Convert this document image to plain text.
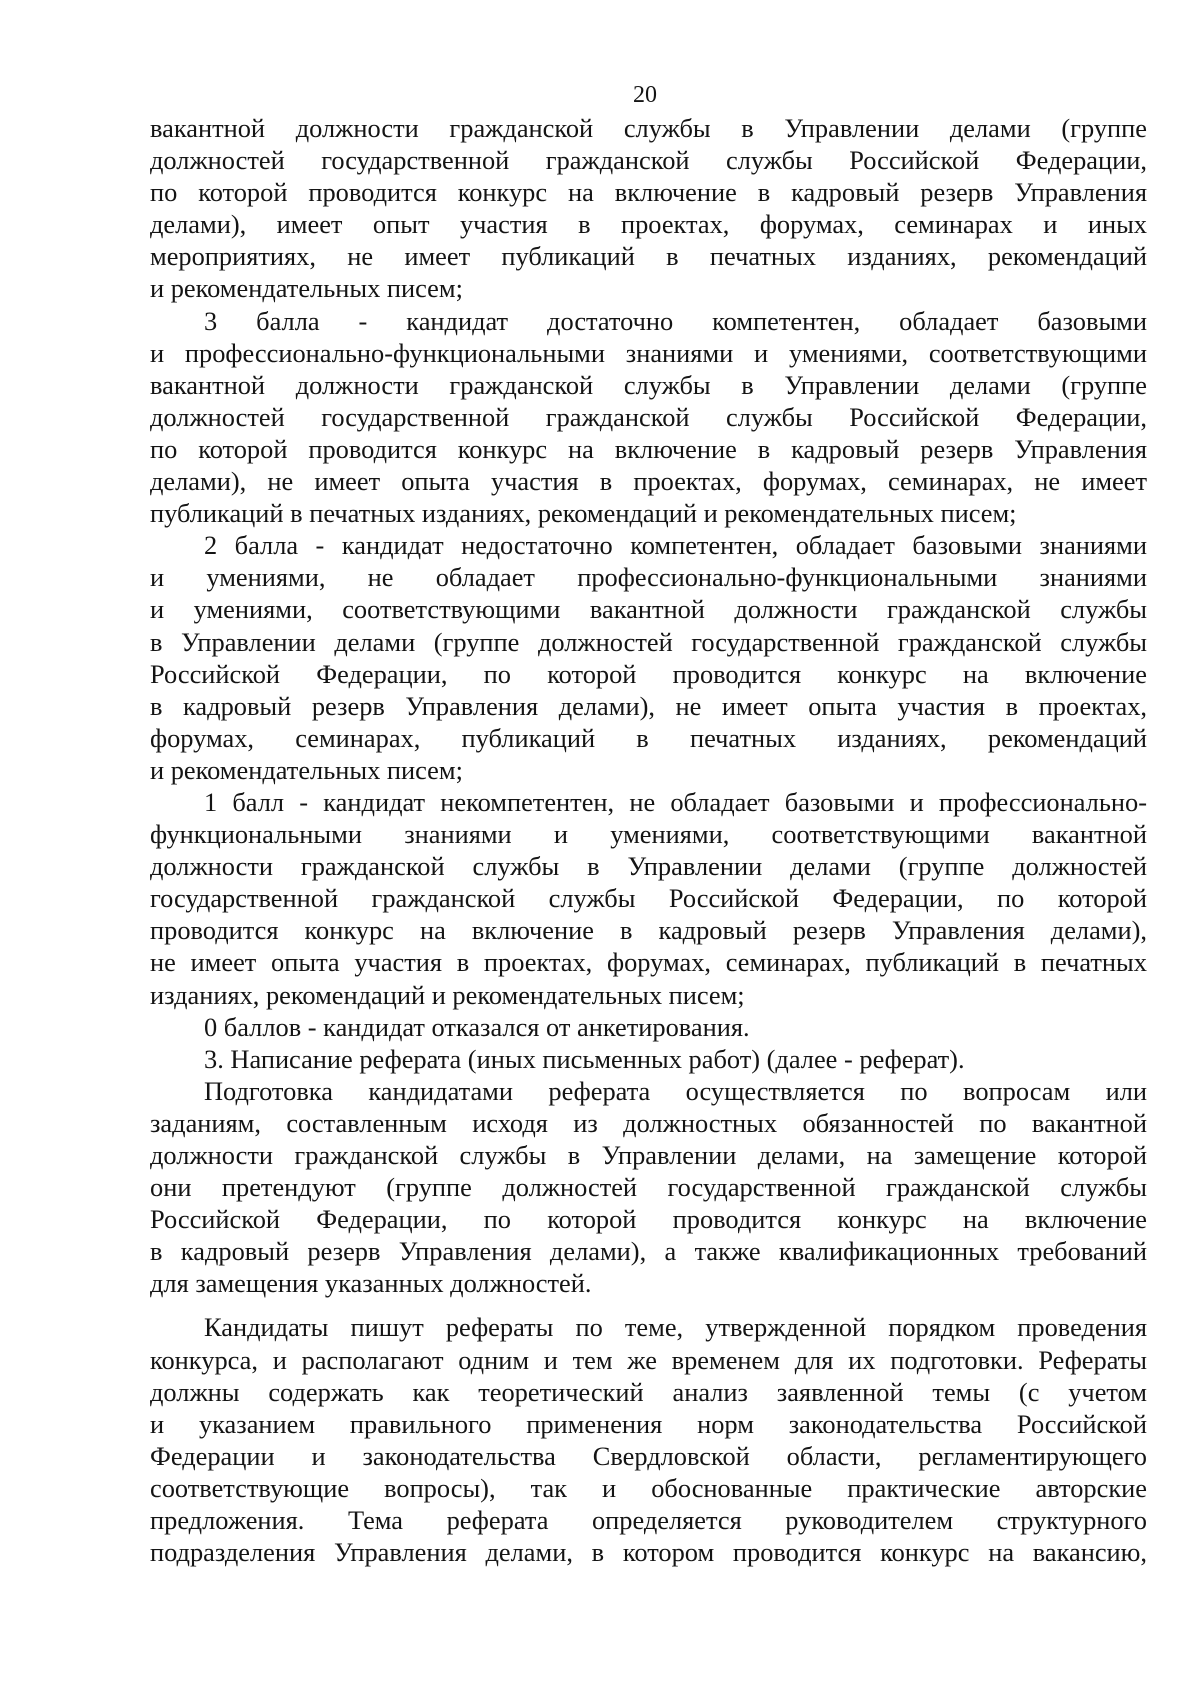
20
вакантной должности гражданской службы в Управлении делами (группе
должностей государственной гражданской службы Российской Федерации,
по которой проводится конкурс на включение в кадровый резерв Управления
делами), имеет опыт участия в проектах, форумах, семинарах и иных
мероприятиях, не имеет публикаций в печатных изданиях, рекомендаций
и рекомендательных писем;
3 балла - кандидат достаточно компетентен, обладает базовыми
и профессионально-функциональными знаниями и умениями, соответствующими
вакантной должности гражданской службы в Управлении делами (группе
должностей государственной гражданской службы Российской Федерации,
по которой проводится конкурс на включение в кадровый резерв Управления
делами), не имеет опыта участия в проектах, форумах, семинарах, не имеет
публикаций в печатных изданиях, рекомендаций и рекомендательных писем;
2 балла - кандидат недостаточно компетентен, обладает базовыми знаниями
и умениями, не обладает профессионально-функциональными знаниями
и умениями, соответствующими вакантной должности гражданской службы
в Управлении делами (группе должностей государственной гражданской службы
Российской Федерации, по которой проводится конкурс на включение
в кадровый резерв Управления делами), не имеет опыта участия в проектах,
форумах, семинарах, публикаций в печатных изданиях, рекомендаций
и рекомендательных писем;
1 балл - кандидат некомпетентен, не обладает базовыми и профессионально-
функциональными знаниями и умениями, соответствующими вакантной
должности гражданской службы в Управлении делами (группе должностей
государственной гражданской службы Российской Федерации, по которой
проводится конкурс на включение в кадровый резерв Управления делами),
не имеет опыта участия в проектах, форумах, семинарах, публикаций в печатных
изданиях, рекомендаций и рекомендательных писем;
0 баллов - кандидат отказался от анкетирования.
3. Написание реферата (иных письменных работ) (далее - реферат).
Подготовка кандидатами реферата осуществляется по вопросам или
заданиям, составленным исходя из должностных обязанностей по вакантной
должности гражданской службы в Управлении делами, на замещение которой
они претендуют (группе должностей государственной гражданской службы
Российской Федерации, по которой проводится конкурс на включение
в кадровый резерв Управления делами), а также квалификационных требований
для замещения указанных должностей.
Кандидаты пишут рефераты по теме, утвержденной порядком проведения
конкурса, и располагают одним и тем же временем для их подготовки. Рефераты
должны содержать как теоретический анализ заявленной темы (с учетом
и указанием правильного применения норм законодательства Российской
Федерации и законодательства Свердловской области, регламентирующего
соответствующие вопросы), так и обоснованные практические авторские
предложения. Тема реферата определяется руководителем структурного
подразделения Управления делами, в котором проводится конкурс на вакансию,
